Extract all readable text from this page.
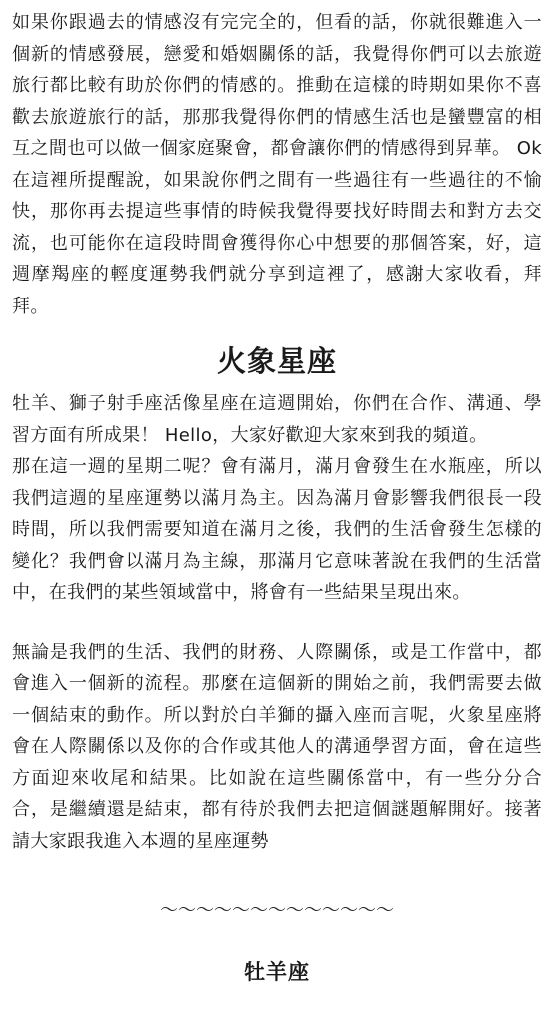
如果你跟過去的情感沒有完完全的，但看的話，你就很難進入一個新的情感發展，戀愛和婚姻關係的話，我覺得你們可以去旅遊旅行都比較有助於你們的情感的。推動在這樣的時期如果你不喜歡去旅遊旅行的話，那那我覺得你們的情感生活也是蠻豐富的相互之間也可以做一個家庭聚會，都會讓你們的情感得到昇華。 Ok在這裡所提醒說，如果說你們之間有一些過往有一些過往的不愉快，那你再去提這些事情的時候我覺得要找好時間去和對方去交流，也可能你在這段時間會獲得你心中想要的那個答案，好，這週摩羯座的輕度運勢我們就分享到這裡了，感謝大家收看，拜拜。

火象星座

牡羊、獅子射手座活像星座在這週開始，你們在合作、溝通、學習方面有所成果！ Hello，大家好歡迎大家來到我的頻道。

那在這一週的星期二呢？會有滿月，滿月會發生在水瓶座，所以我們這週的星座運勢以滿月為主。因為滿月會影響我們很長一段時間，所以我們需要知道在滿月之後，我們的生活會發生怎樣的變化？我們會以滿月為主線，那滿月它意味著說在我們的生活當中，在我們的某些領域當中，將會有一些結果呈現出來。

無論是我們的生活、我們的財務、人際關係，或是工作當中，都會進入一個新的流程。那麼在這個新的開始之前，我們需要去做一個結束的動作。所以對於白羊獅的攝入座而言呢，火象星座將會在人際關係以及你的合作或其他人的溝通學習方面，會在這些方面迎來收尾和結果。比如說在這些關係當中，有一些分分合合，是繼續還是結束，都有待於我們去把這個謎題解開好。接著請大家跟我進入本週的星座運勢

～～～～～～～～～～～～～
牡羊座
